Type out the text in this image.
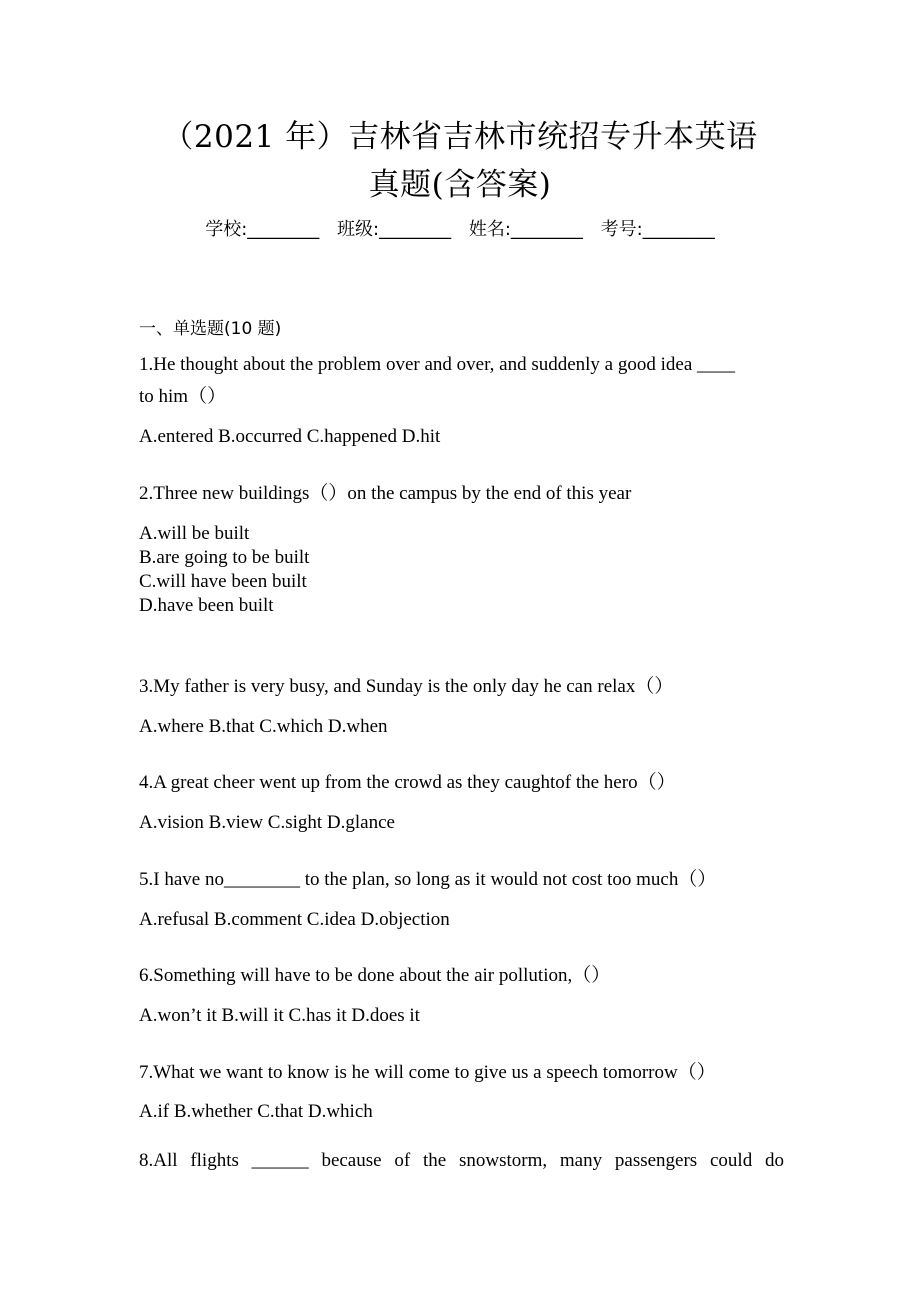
（2021 年）吉林省吉林市统招专升本英语
真题(含答案)
学校:________ 班级:________ 姓名:________ 考号:________
一、单选题(10 题)
1.He thought about the problem over and over, and suddenly a good idea ____
to him（）
A.entered B.occurred C.happened D.hit
2.Three new buildings（）on the campus by the end of this year
A.will be built
B.are going to be built
C.will have been built
D.have been built
3.My father is very busy, and Sunday is the only day he can relax（）
A.where B.that C.which D.when
4.A great cheer went up from the crowd as they caughtof the hero（）
A.vision B.view C.sight D.glance
5.I have no________ to the plan, so long as it would not cost too much（）
A.refusal B.comment C.idea D.objection
6.Something will have to be done about the air pollution,（）
A.won’t it B.will it C.has it D.does it
7.What we want to know is he will come to give us a speech tomorrow（）
A.if B.whether C.that D.which
8.All flights ______ because of the snowstorm, many passengers could do
